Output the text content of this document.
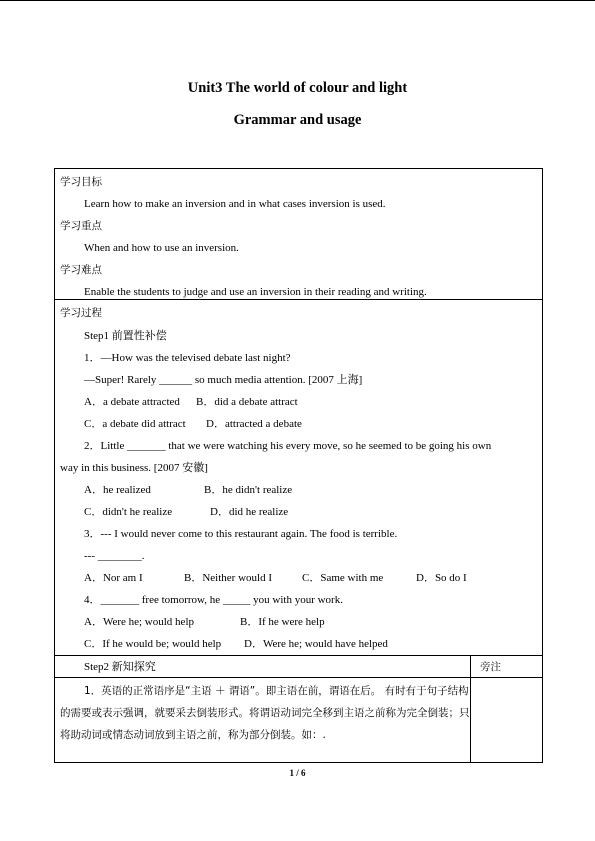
Unit3 The world of colour and light
Grammar and usage
学习目标
Learn how to make an inversion and in what cases inversion is used.
学习重点
When and how to use an inversion.
学习难点
Enable the students to judge and use an inversion in their reading and writing.
学习过程
Step1 前置性补偿
1．—How was the televised debate last night?
—Super! Rarely ______ so much media attention. [2007 上海]
A．a debate attracted B．did a debate attract
C．a debate did attract D．attracted a debate
2．Little _______ that we were watching his every move, so he seemed to be going his own
way in this business. [2007 安徽]
A．he realized	B．he didn't realize
C．didn't he realize	D．did he realize
3．--- I would never come to this restaurant again. The food is terrible.
--- ________.
A．Nor am I	B．Neither would I	C．Same with me	D．So do I
4．_______ free tomorrow, he _____ you with your work.
A．Were he; would help	B．If he were help
C．If he would be; would help D．Were he; would have helped
Step2 新知探究	旁注
1．英语的正常语序是“主语 ＋ 谓语”。即主语在前，谓语在后。 有时有于句子结构的需要或表示强调，就要采去倒装形式。将谓语动词完全移到主语之前称为完全倒装；只将助动词或情态动词放到主语之前，称为部分倒装。如：.
1 / 6
